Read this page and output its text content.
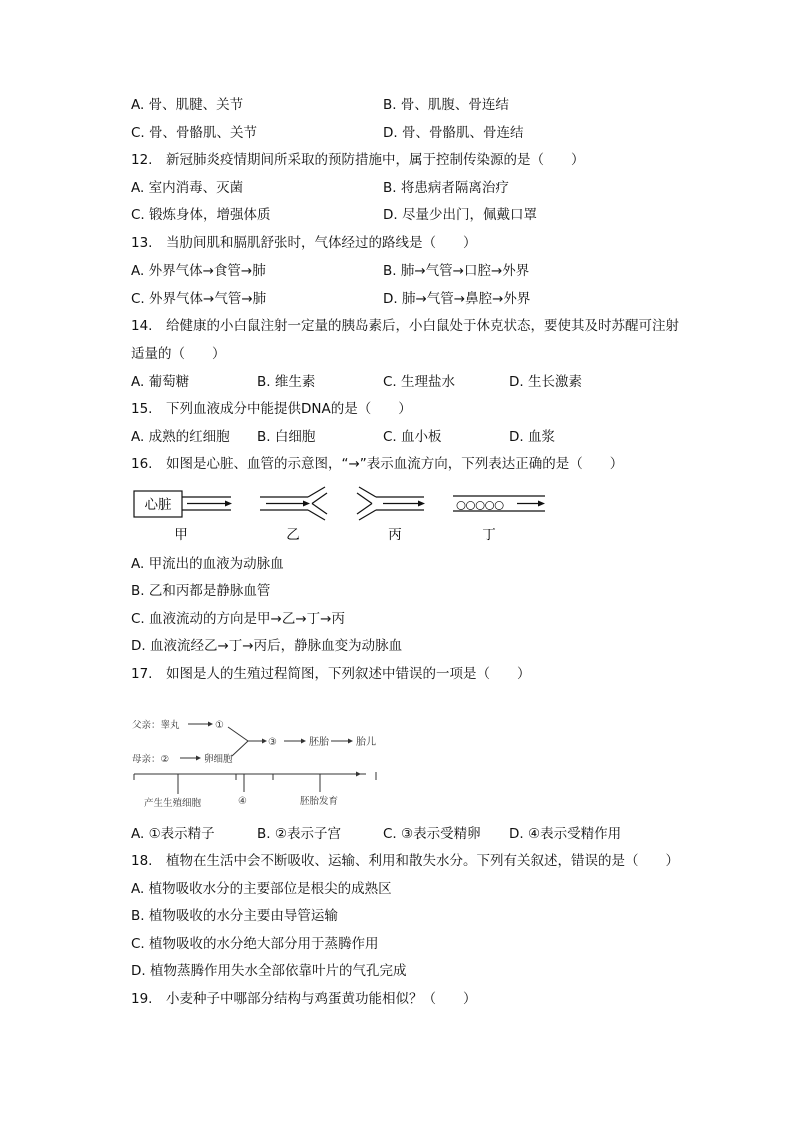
A. 骨、肌腱、关节	B. 骨、肌腹、骨连结
C. 骨、骨骼肌、关节	D. 骨、骨骼肌、骨连结
12.　新冠肺炎疫情期间所采取的预防措施中，属于控制传染源的是（　　）
A. 室内消毒、灭菌	B. 将患病者隔离治疗
C. 锻炼身体，增强体质	D. 尽量少出门，佩戴口罩
13.　当肋间肌和膈肌舒张时，气体经过的路线是（　　）
A. 外界气体→食管→肺	B. 肺→气管→口腔→外界
C. 外界气体→气管→肺	D. 肺→气管→鼻腔→外界
14.　给健康的小白鼠注射一定量的胰岛素后，小白鼠处于休克状态，要使其及时苏醒可注射
适量的（　　）
A. 葡萄糖	B. 维生素	C. 生理盐水	D. 生长激素
15.　下列血液成分中能提供DNA的是（　　）
A. 成熟的红细胞 B. 白细胞	C. 血小板	D. 血浆
16.　如图是心脏、血管的示意图，“→”表示血流方向，下列表达正确的是（　　）
心脏	○○○○○
甲	乙	丙	丁
A. 甲流出的血液为动脉血
B. 乙和丙都是静脉血管
C. 血液流动的方向是甲→乙→丁→丙
D. 血液流经乙→丁→丙后，静脉血变为动脉血
17.　如图是人的生殖过程简图，下列叙述中错误的一项是（　　）
父亲：睾丸	①
③	胚胎	胎儿
母亲：②	卵细胞
产生生殖细胞	④	胚胎发育
A. ①表示精子	B. ②表示子宫	C. ③表示受精卵 D. ④表示受精作用
18.　植物在生活中会不断吸收、运输、利用和散失水分。下列有关叙述，错误的是（　　）
A. 植物吸收水分的主要部位是根尖的成熟区
B. 植物吸收的水分主要由导管运输
C. 植物吸收的水分绝大部分用于蒸腾作用
D. 植物蒸腾作用失水全部依靠叶片的气孔完成
19.　小麦种子中哪部分结构与鸡蛋黄功能相似？（　　）
